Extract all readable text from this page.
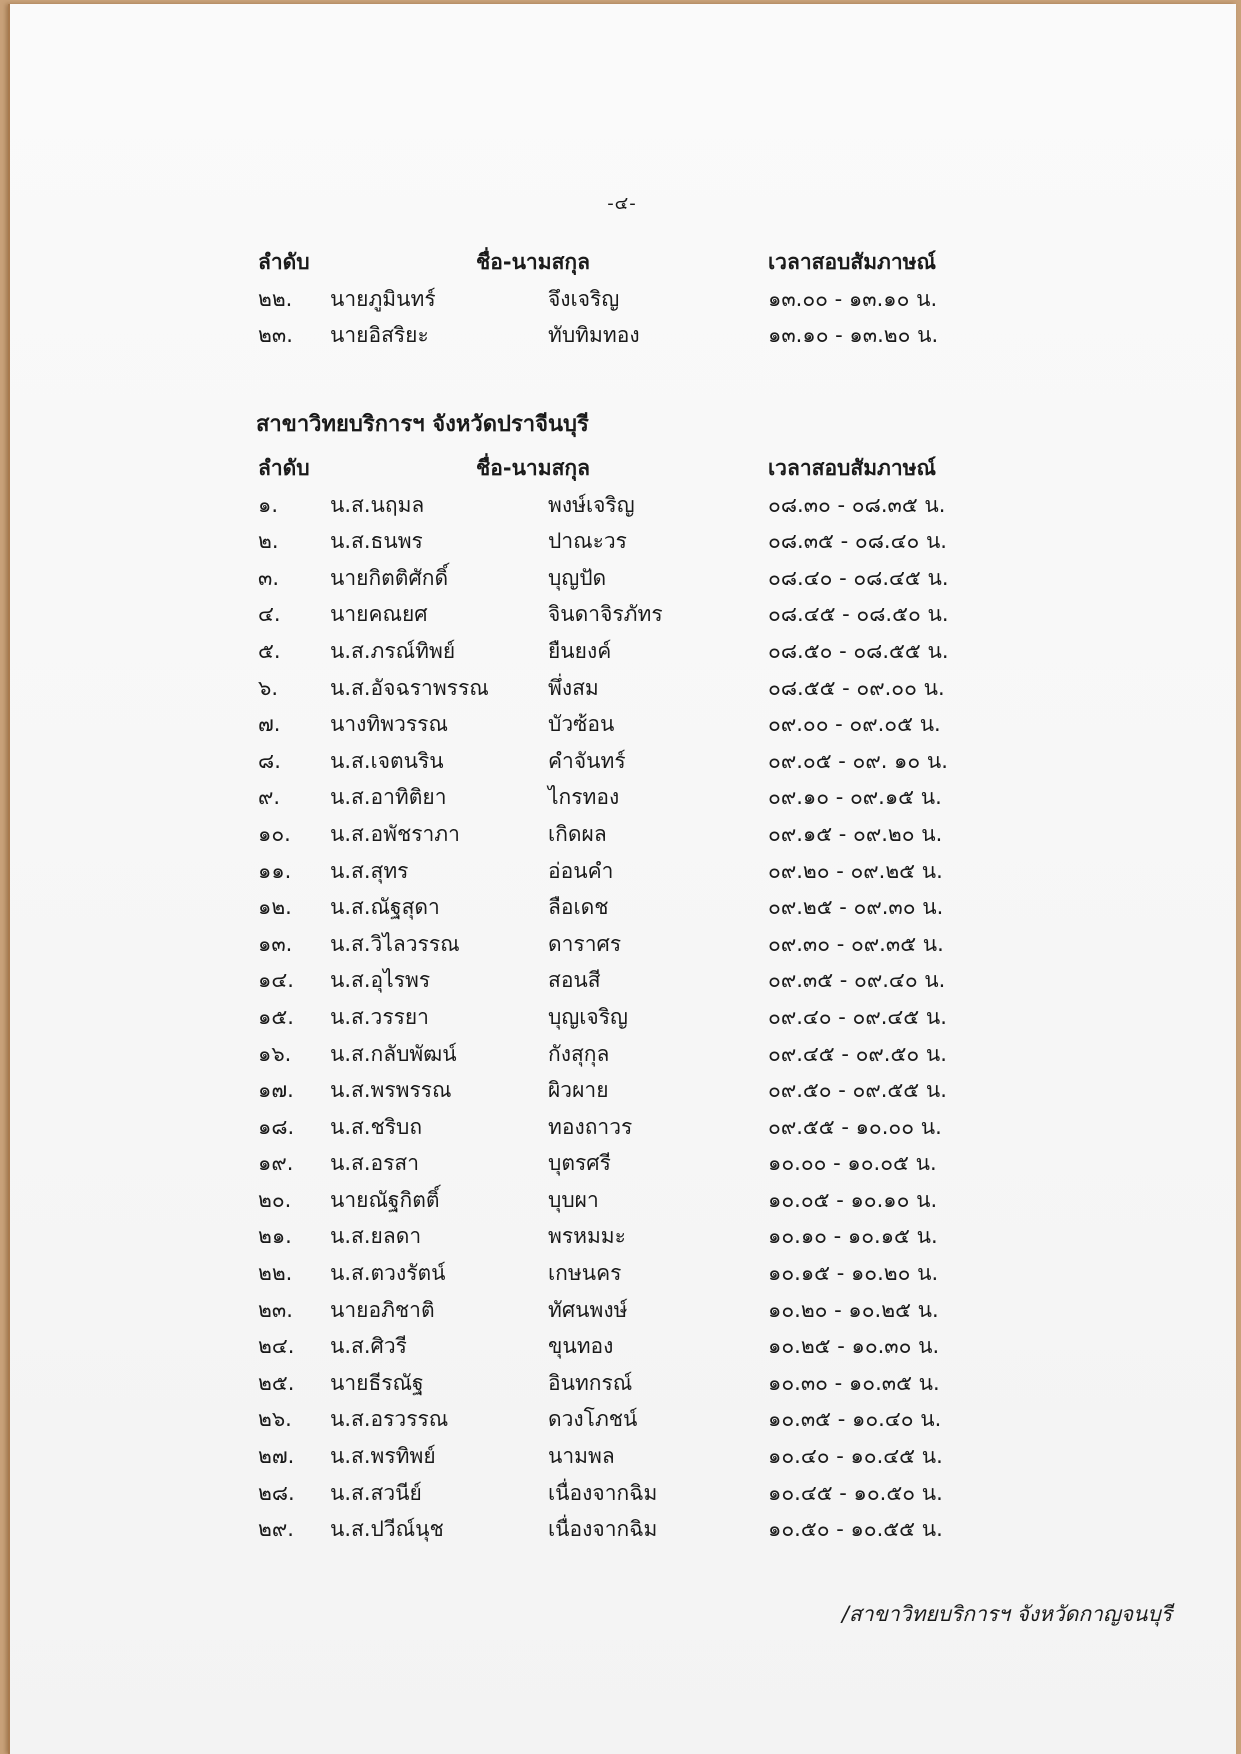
-๔-
ลำดับ	ชื่อ-นามสกุล	เวลาสอบสัมภาษณ์
๒๒. นายภูมินทร์	จึงเจริญ	๑๓.๐๐ - ๑๓.๑๐ น.
๒๓. นายอิสริยะ	ทับทิมทอง	๑๓.๑๐ - ๑๓.๒๐ น.
สาขาวิทยบริการฯ จังหวัดปราจีนบุรี
ลำดับ	ชื่อ-นามสกุล	เวลาสอบสัมภาษณ์
๑. น.ส.นฤมล	พงษ์เจริญ	๐๘.๓๐ - ๐๘.๓๕ น.
๒. น.ส.ธนพร	ปาณะวร	๐๘.๓๕ - ๐๘.๔๐ น.
๓. นายกิตติศักดิ์	บุญปัด	๐๘.๔๐ - ๐๘.๔๕ น.
๔. นายคณยศ	จินดาจิรภัทร	๐๘.๔๕ - ๐๘.๕๐ น.
๕. น.ส.ภรณ์ทิพย์	ยืนยงค์	๐๘.๕๐ - ๐๘.๕๕ น.
๖. น.ส.อัจฉราพรรณ	พึ่งสม	๐๘.๕๕ - ๐๙.๐๐ น.
๗. นางทิพวรรณ	บัวซ้อน	๐๙.๐๐ - ๐๙.๐๕ น.
๘. น.ส.เจตนริน	คำจันทร์	๐๙.๐๕ - ๐๙. ๑๐ น.
๙. น.ส.อาทิติยา	ไกรทอง	๐๙.๑๐ - ๐๙.๑๕ น.
๑๐. น.ส.อพัชราภา	เกิดผล	๐๙.๑๕ - ๐๙.๒๐ น.
๑๑. น.ส.สุทร	อ่อนคำ	๐๙.๒๐ - ๐๙.๒๕ น.
๑๒. น.ส.ณัฐสุดา	ลือเดช	๐๙.๒๕ - ๐๙.๓๐ น.
๑๓. น.ส.วิไลวรรณ	ดาราศร	๐๙.๓๐ - ๐๙.๓๕ น.
๑๔. น.ส.อุไรพร	สอนสี	๐๙.๓๕ - ๐๙.๔๐ น.
๑๕. น.ส.วรรยา	บุญเจริญ	๐๙.๔๐ - ๐๙.๔๕ น.
๑๖. น.ส.กลับพัฒน์	กังสุกุล	๐๙.๔๕ - ๐๙.๕๐ น.
๑๗. น.ส.พรพรรณ	ผิวผาย	๐๙.๕๐ - ๐๙.๕๕ น.
๑๘. น.ส.ชริบถ	ทองถาวร	๐๙.๕๕ - ๑๐.๐๐ น.
๑๙. น.ส.อรสา	บุตรศรี	๑๐.๐๐ - ๑๐.๐๕ น.
๒๐. นายณัฐกิตติ์	บุบผา	๑๐.๐๕ - ๑๐.๑๐ น.
๒๑. น.ส.ยลดา	พรหมมะ	๑๐.๑๐ - ๑๐.๑๕ น.
๒๒. น.ส.ตวงรัตน์	เกษนคร	๑๐.๑๕ - ๑๐.๒๐ น.
๒๓. นายอภิชาติ	ทัศนพงษ์	๑๐.๒๐ - ๑๐.๒๕ น.
๒๔. น.ส.ศิวรี	ขุนทอง	๑๐.๒๕ - ๑๐.๓๐ น.
๒๕. นายธีรณัฐ	อินทกรณ์	๑๐.๓๐ - ๑๐.๓๕ น.
๒๖. น.ส.อรวรรณ	ดวงโภชน์	๑๐.๓๕ - ๑๐.๔๐ น.
๒๗. น.ส.พรทิพย์	นามพล	๑๐.๔๐ - ๑๐.๔๕ น.
๒๘. น.ส.สวนีย์	เนื่องจากฉิม	๑๐.๔๕ - ๑๐.๕๐ น.
๒๙. น.ส.ปวีณ์นุช	เนื่องจากฉิม	๑๐.๕๐ - ๑๐.๕๕ น.
/สาขาวิทยบริการฯ จังหวัดกาญจนบุรี
